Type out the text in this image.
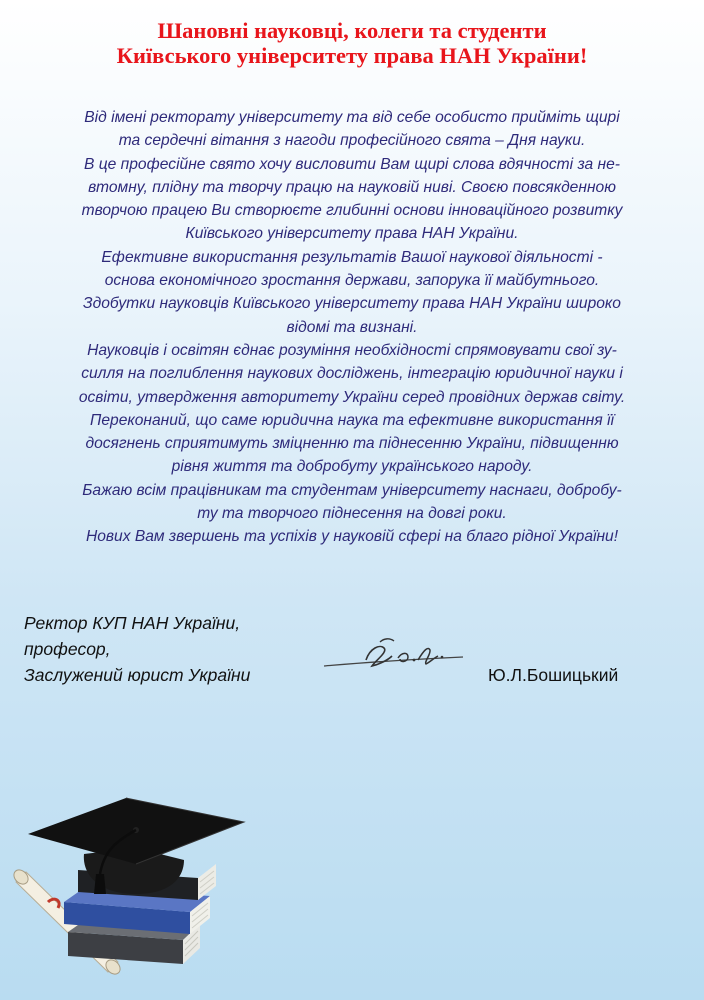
Шановні науковці, колеги та студенти
Київського університету права НАН України!

Від імені ректорату університету та від себе особисто прийміть щирі

та сердечні вітання з нагоди професійного свята – Дня науки.

В це професійне свято хочу висловити Вам щирі слова вдячності за не-

втомну, плідну та творчу працю на науковій ниві. Своєю повсякденною

творчою працею Ви створюєте глибинні основи інноваційного розвитку

Київського університету права НАН України.

Ефективне використання результатів Вашої наукової діяльності -

основа економічного зростання держави, запорука її майбутнього.

Здобутки науковців Київського університету права НАН України широко

відомі та визнані.

Науковців і освітян єднає розуміння необхідності спрямовувати свої зу-

силля на поглиблення наукових досліджень, інтеграцію юридичної науки і

освіти, утвердження авторитету України серед провідних держав світу.

Переконаний, що саме юридична наука та ефективне використання її

досягнень сприятимуть зміцненню та піднесенню України, підвищенню

рівня життя та добробуту українського народу.

Бажаю всім працівникам та студентам університету наснаги, добробу-

ту та творчого піднесення на довгі роки.

Нових Вам звершень та успіхів у науковій сфері на благо рідної України!

Ректор КУП НАН України,
професор,
Заслужений юрист України	Ю.Л.Бошицький
